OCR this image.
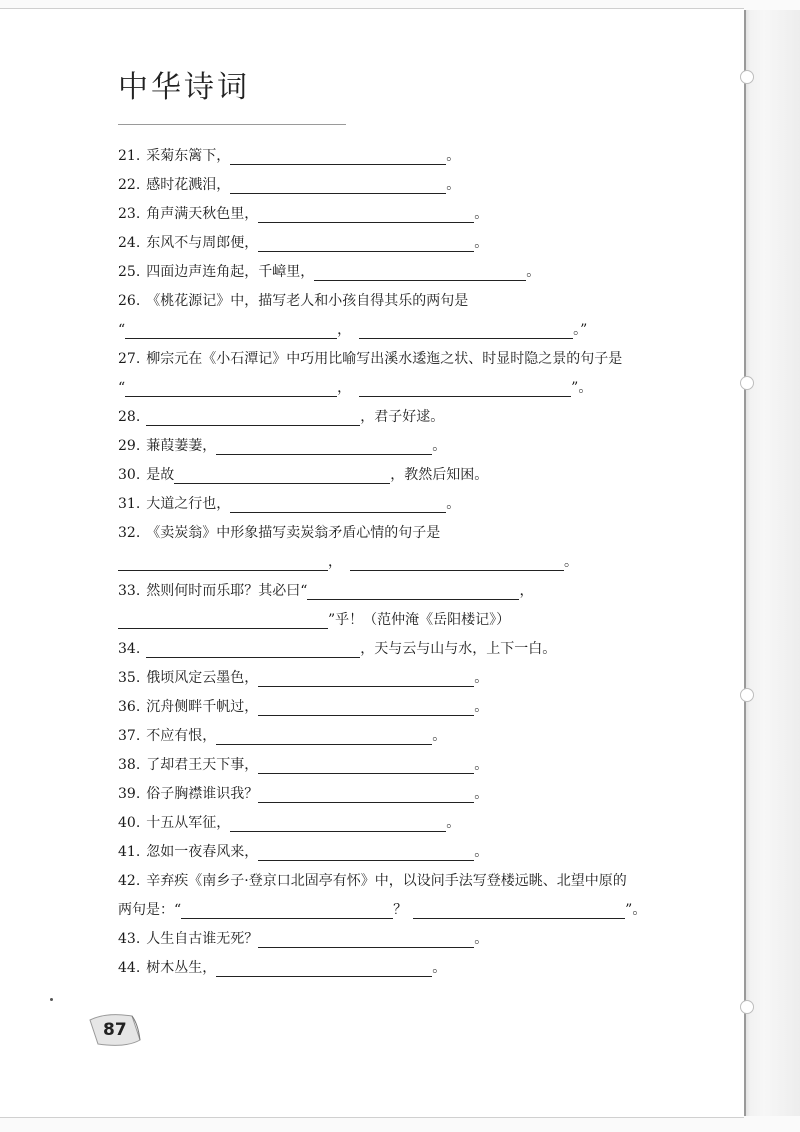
中华诗词
21. 采菊东篱下，	。
22. 感时花溅泪，	。
23. 角声满天秋色里，	。
24. 东风不与周郎便，	。
25. 四面边声连角起，千嶂里，	。
26. 《桃花源记》中，描写老人和小孩自得其乐的两句是
“	，	。”
27. 柳宗元在《小石潭记》中巧用比喻写出溪水逶迤之状、时显时隐之景的句子是
“	，	”。
28.	，君子好逑。
29. 蒹葭萋萋，	。
30. 是故	，教然后知困。
31. 大道之行也，	。
32. 《卖炭翁》中形象描写卖炭翁矛盾心情的句子是
，	。
33. 然则何时而乐耶？其必曰“	，
”乎！（范仲淹《岳阳楼记》）
34.	，天与云与山与水，上下一白。
35. 俄顷风定云墨色，	。
36. 沉舟侧畔千帆过，	。
37. 不应有恨，	。
38. 了却君王天下事，	。
39. 俗子胸襟谁识我？	。
40. 十五从军征，	。
41. 忽如一夜春风来，	。
42. 辛弃疾《南乡子·登京口北固亭有怀》中，以设问手法写登楼远眺、北望中原的
两句是：“	？	”。
43. 人生自古谁无死？	。
44. 树木丛生，	。
87
